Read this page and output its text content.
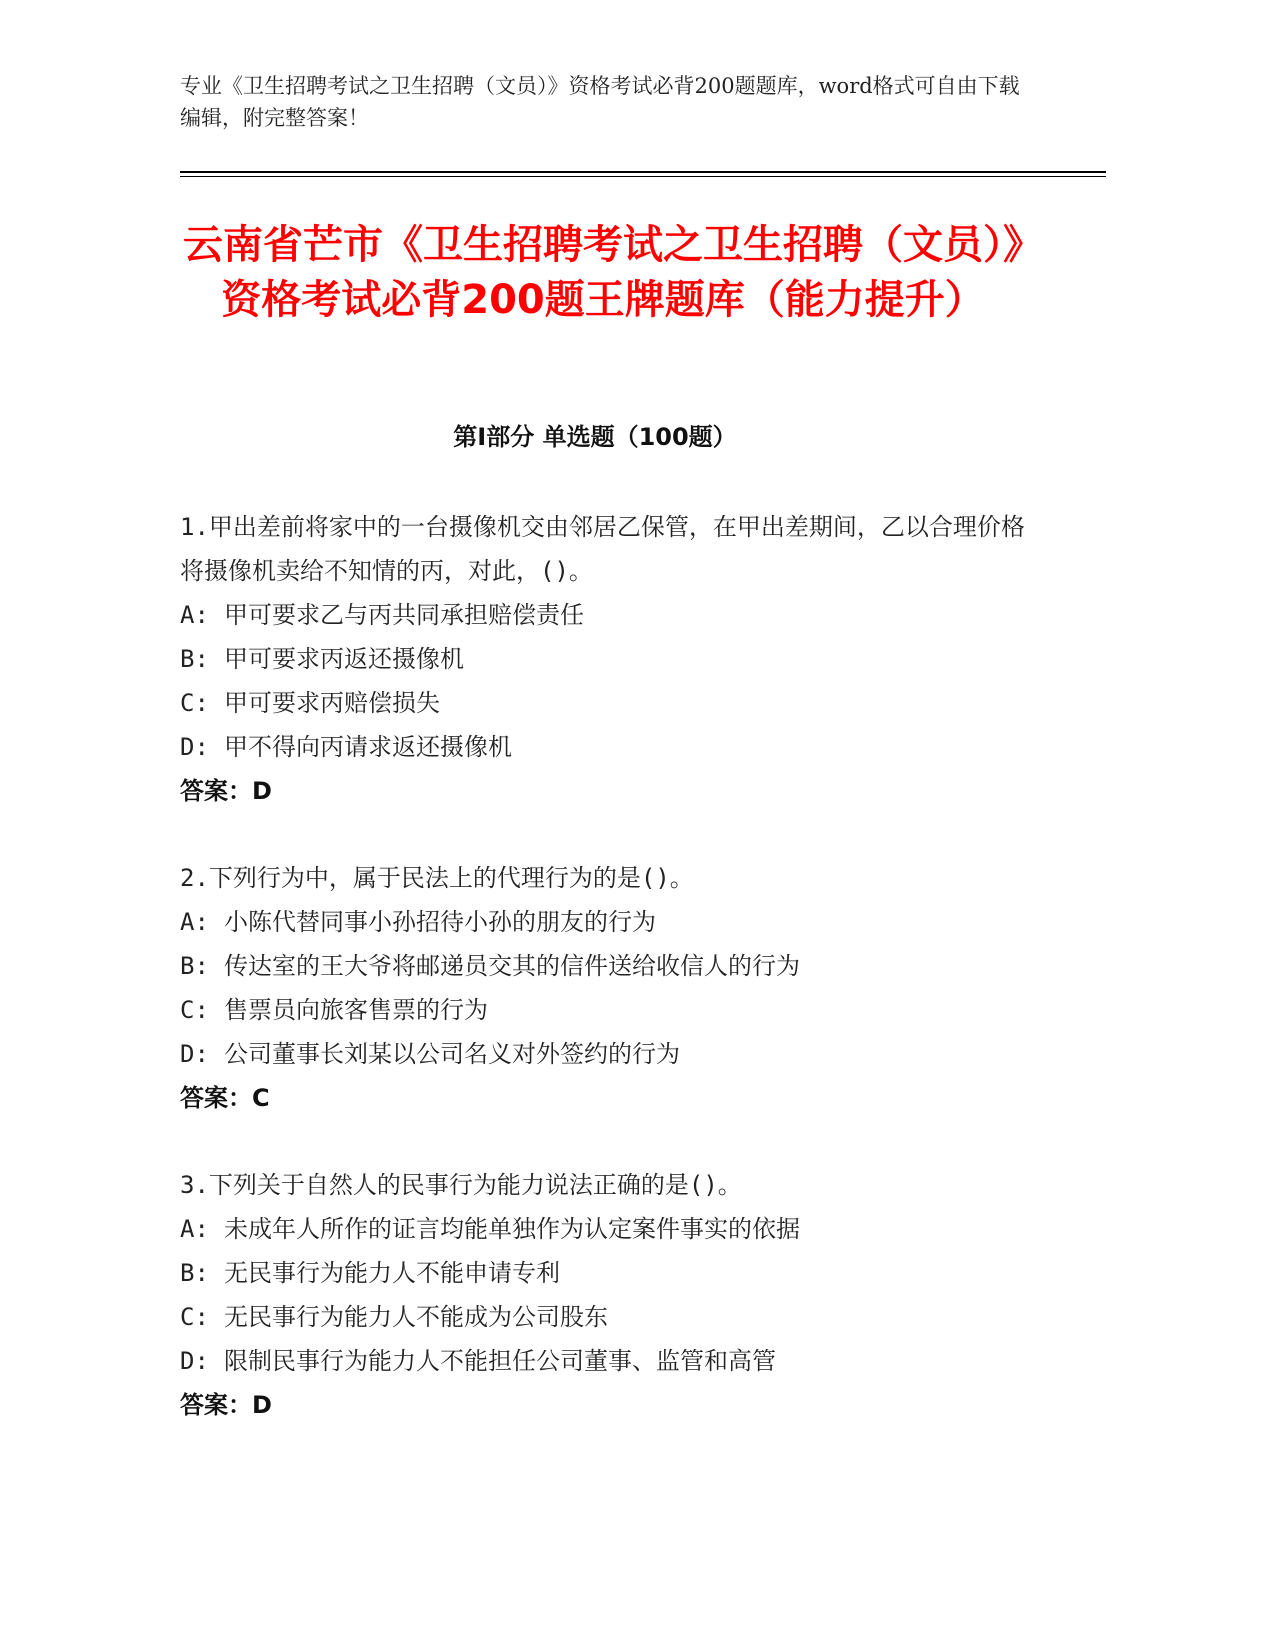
专业《卫生招聘考试之卫生招聘（文员）》资格考试必背200题题库，word格式可自由下载编辑，附完整答案！
云南省芒市《卫生招聘考试之卫生招聘（文员）》资格考试必背200题王牌题库（能力提升）
第I部分 单选题（100题）

1.甲出差前将家中的一台摄像机交由邻居乙保管，在甲出差期间，乙以合理价格将摄像机卖给不知情的丙，对此，()。

A: 甲可要求乙与丙共同承担赔偿责任

B: 甲可要求丙返还摄像机

C: 甲可要求丙赔偿损失

D: 甲不得向丙请求返还摄像机

答案：D

2.下列行为中，属于民法上的代理行为的是()。

A: 小陈代替同事小孙招待小孙的朋友的行为

B: 传达室的王大爷将邮递员交其的信件送给收信人的行为

C: 售票员向旅客售票的行为

D: 公司董事长刘某以公司名义对外签约的行为

答案：C

3.下列关于自然人的民事行为能力说法正确的是()。

A: 未成年人所作的证言均能单独作为认定案件事实的依据

B: 无民事行为能力人不能申请专利

C: 无民事行为能力人不能成为公司股东

D: 限制民事行为能力人不能担任公司董事、监管和高管

答案：D
